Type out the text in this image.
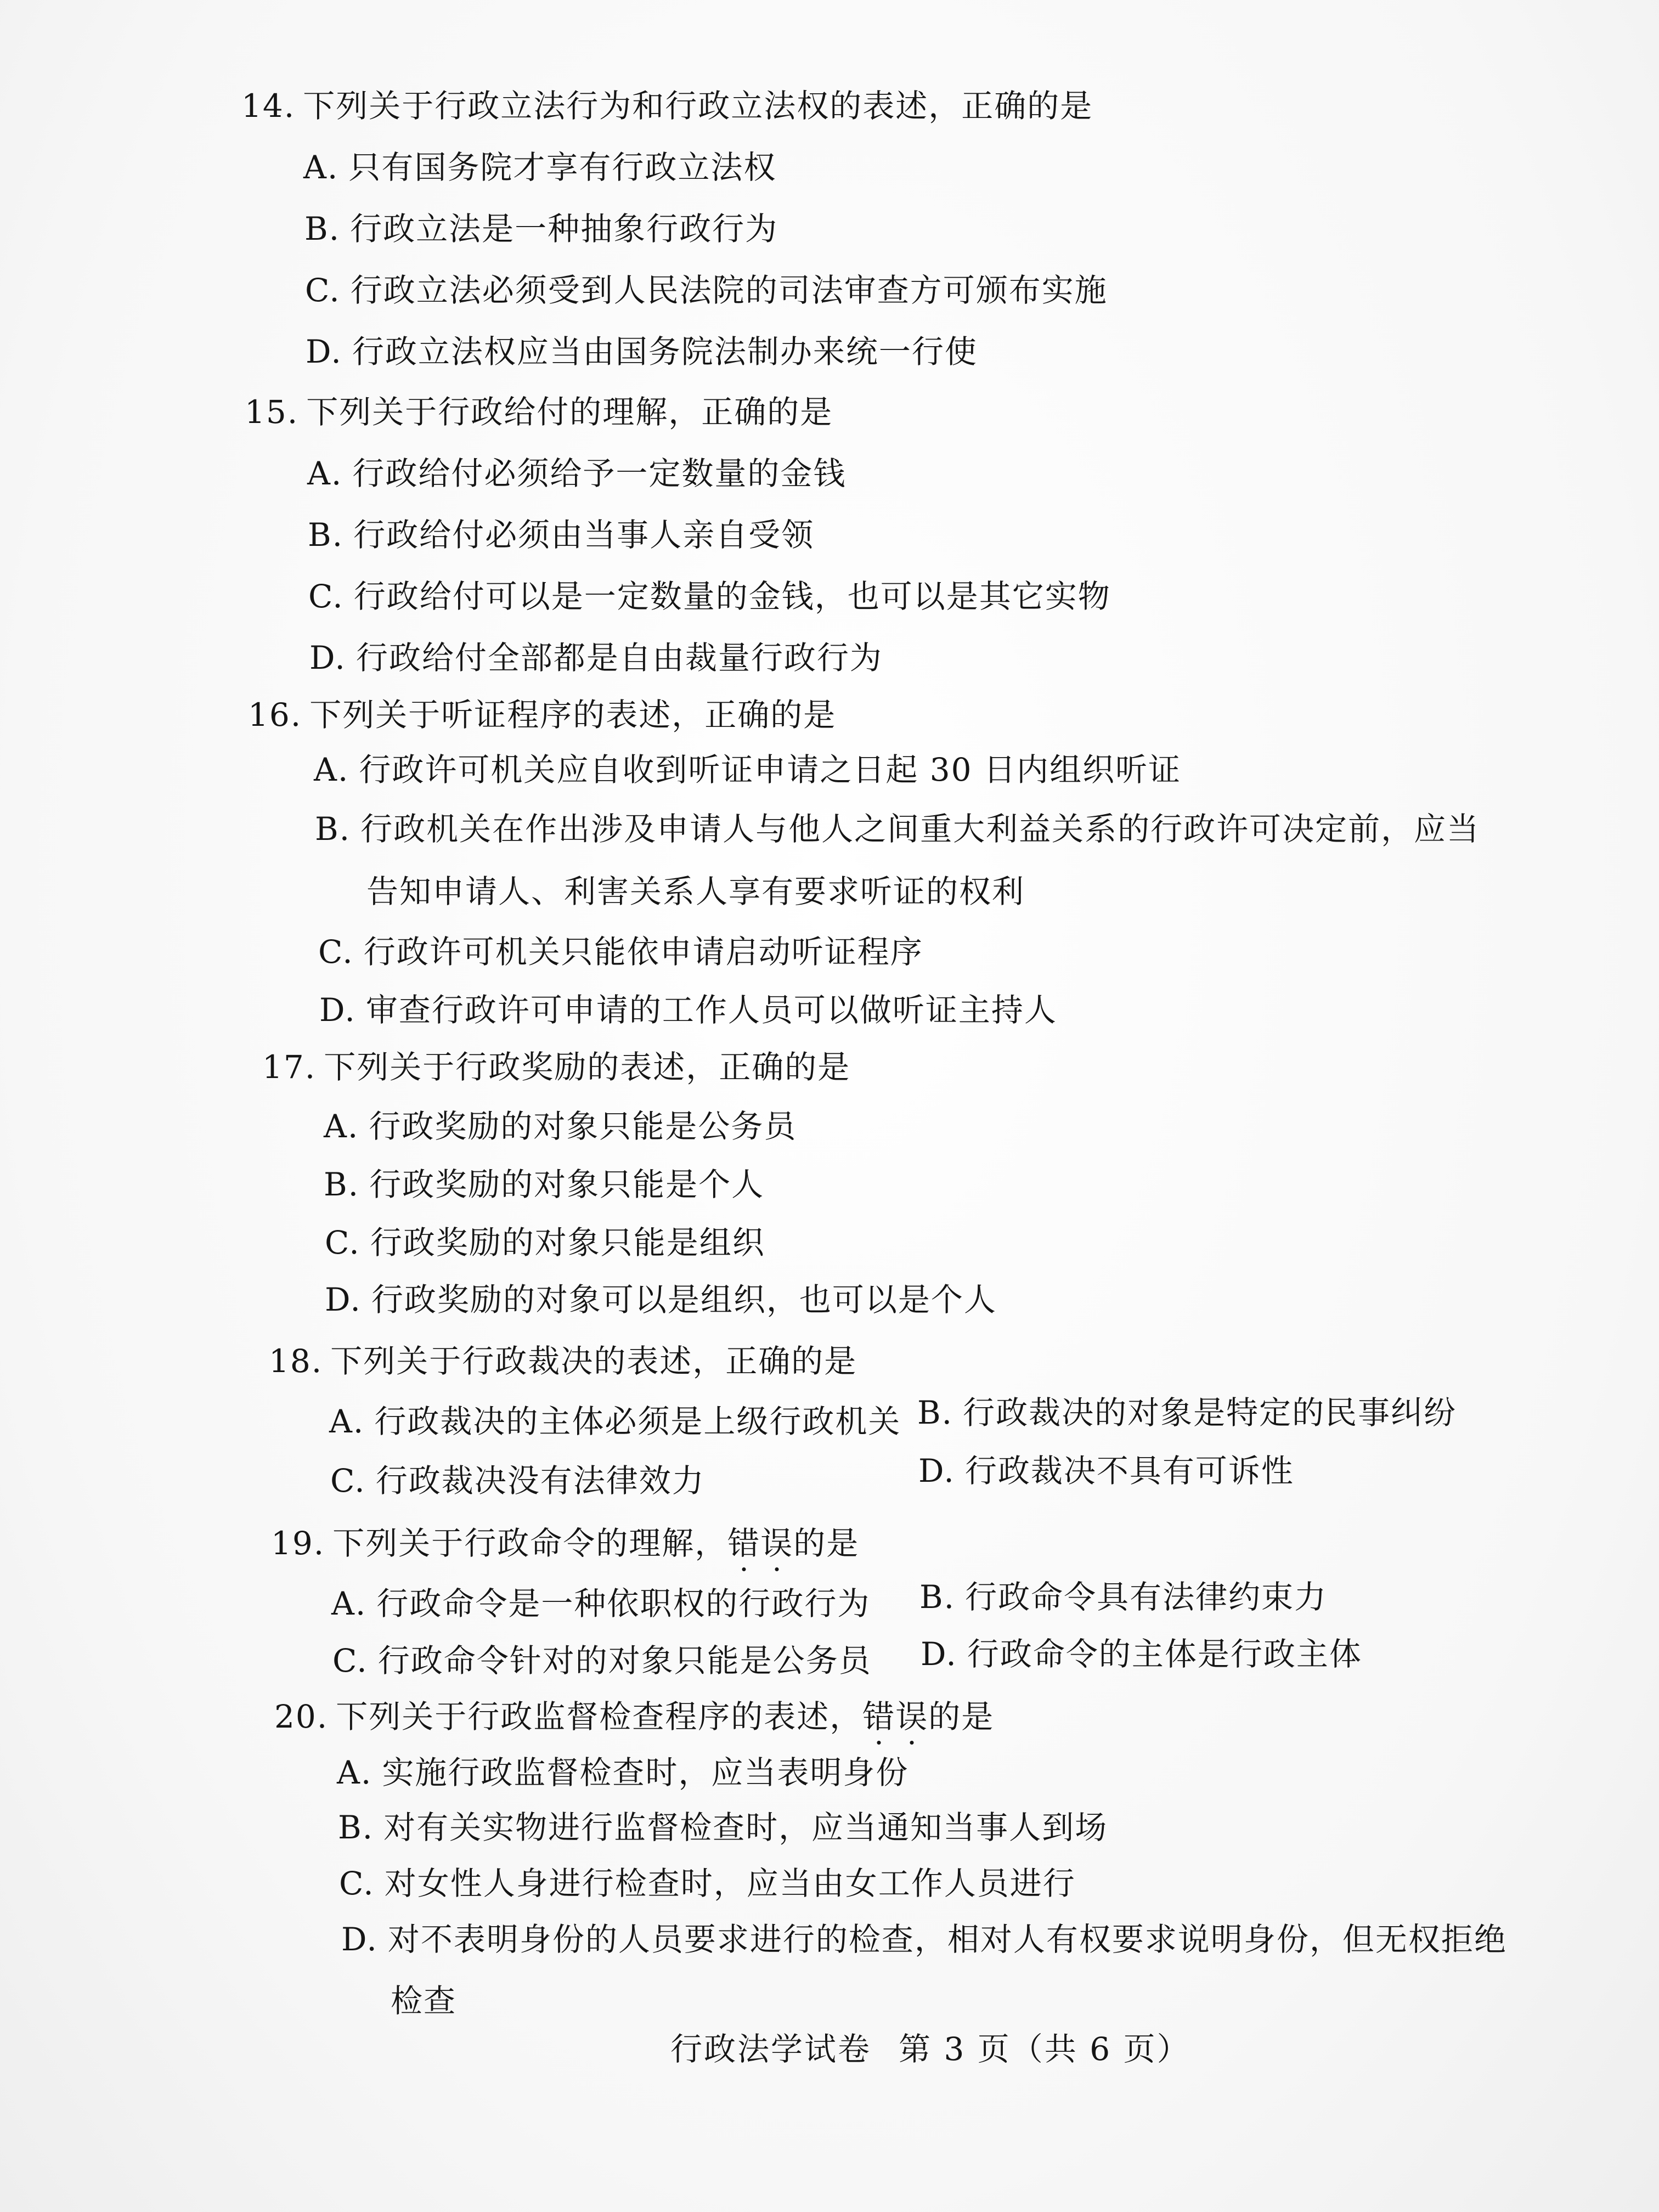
14. 下列关于行政立法行为和行政立法权的表述，正确的是
A. 只有国务院才享有行政立法权
B. 行政立法是一种抽象行政行为
C. 行政立法必须受到人民法院的司法审查方可颁布实施
D. 行政立法权应当由国务院法制办来统一行使
15. 下列关于行政给付的理解，正确的是
A. 行政给付必须给予一定数量的金钱
B. 行政给付必须由当事人亲自受领
C. 行政给付可以是一定数量的金钱，也可以是其它实物
D. 行政给付全部都是自由裁量行政行为
16. 下列关于听证程序的表述，正确的是
A. 行政许可机关应自收到听证申请之日起 30 日内组织听证
B. 行政机关在作出涉及申请人与他人之间重大利益关系的行政许可决定前，应当
告知申请人、利害关系人享有要求听证的权利
C. 行政许可机关只能依申请启动听证程序
D. 审查行政许可申请的工作人员可以做听证主持人
17. 下列关于行政奖励的表述，正确的是
A. 行政奖励的对象只能是公务员
B. 行政奖励的对象只能是个人
C. 行政奖励的对象只能是组织
D. 行政奖励的对象可以是组织，也可以是个人
18. 下列关于行政裁决的表述，正确的是
A. 行政裁决的主体必须是上级行政机关 B. 行政裁决的对象是特定的民事纠纷
C. 行政裁决没有法律效力	D. 行政裁决不具有可诉性
19. 下列关于行政命令的理解，错误的是
A. 行政命令是一种依职权的行政行为 B. 行政命令具有法律约束力
C. 行政命令针对的对象只能是公务员 D. 行政命令的主体是行政主体
20. 下列关于行政监督检查程序的表述，错误的是
A. 实施行政监督检查时，应当表明身份
B. 对有关实物进行监督检查时，应当通知当事人到场
C. 对女性人身进行检查时，应当由女工作人员进行
D. 对不表明身份的人员要求进行的检查，相对人有权要求说明身份，但无权拒绝
检查
行政法学试卷 第 3 页（共 6 页）
